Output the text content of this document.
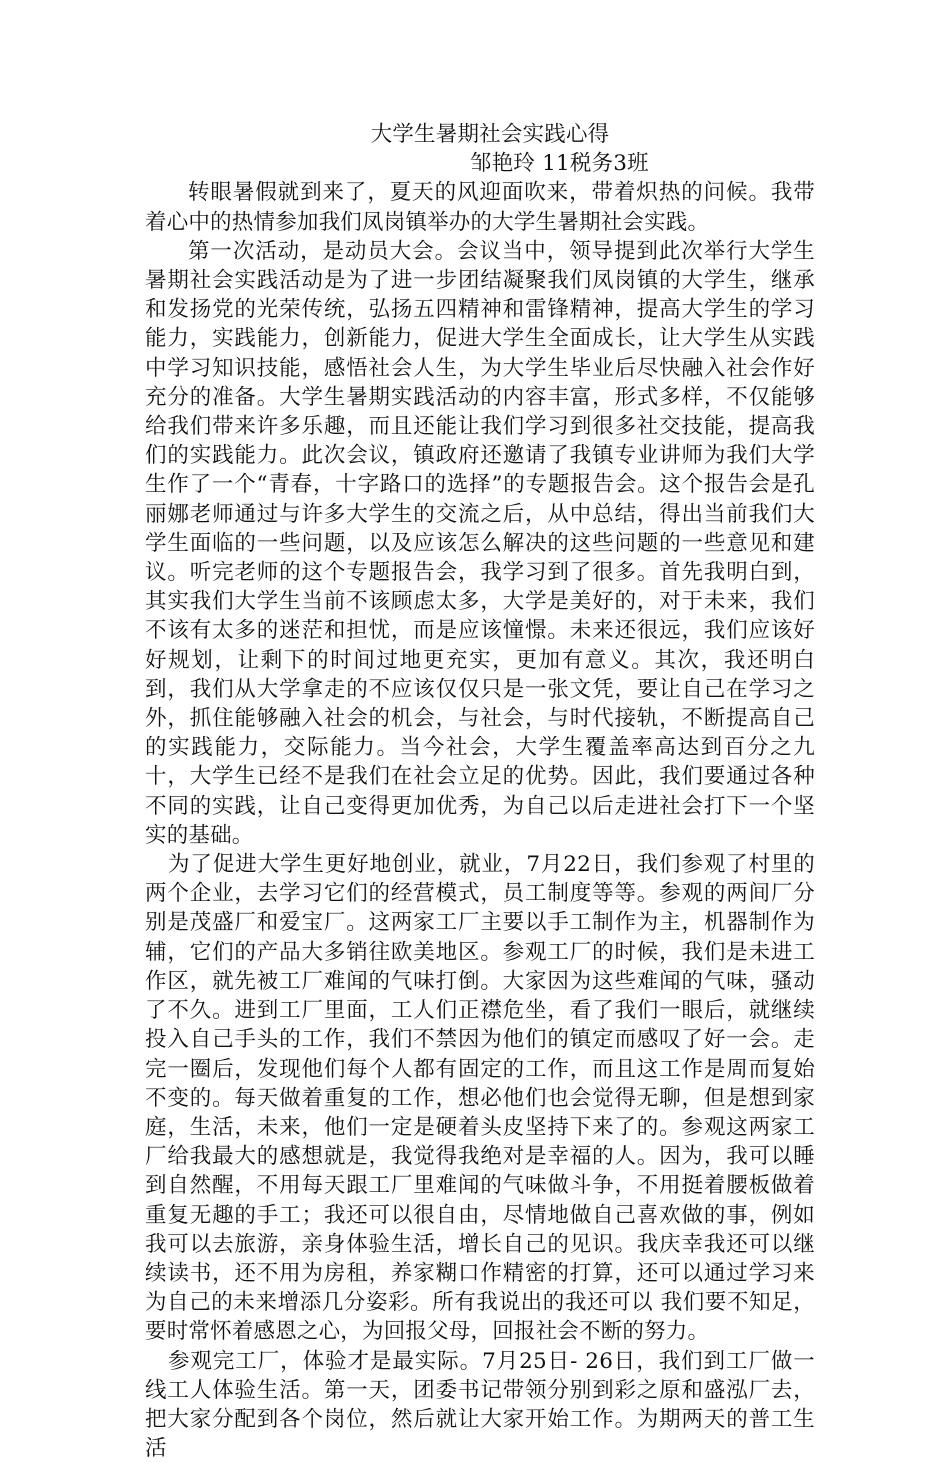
大学生暑期社会实践心得

邹艳玲 11税务3班

转眼暑假就到来了，夏天的风迎面吹来，带着炽热的问候。我带着心中的热情参加我们凤岗镇举办的大学生暑期社会实践。

第一次活动，是动员大会。会议当中，领导提到此次举行大学生暑期社会实践活动是为了进一步团结凝聚我们凤岗镇的大学生，继承和发扬党的光荣传统，弘扬五四精神和雷锋精神，提高大学生的学习能力，实践能力，创新能力，促进大学生全面成长，让大学生从实践中学习知识技能，感悟社会人生，为大学生毕业后尽快融入社会作好充分的准备。大学生暑期实践活动的内容丰富，形式多样，不仅能够给我们带来许多乐趣，而且还能让我们学习到很多社交技能，提高我们的实践能力。此次会议，镇政府还邀请了我镇专业讲师为我们大学生作了一个“青春，十字路口的选择”的专题报告会。这个报告会是孔丽娜老师通过与许多大学生的交流之后，从中总结，得出当前我们大学生面临的一些问题，以及应该怎么解决的这些问题的一些意见和建议。听完老师的这个专题报告会，我学习到了很多。首先我明白到，其实我们大学生当前不该顾虑太多，大学是美好的，对于未来，我们不该有太多的迷茫和担忧，而是应该憧憬。未来还很远，我们应该好好规划，让剩下的时间过地更充实，更加有意义。其次，我还明白到，我们从大学拿走的不应该仅仅只是一张文凭，要让自己在学习之外，抓住能够融入社会的机会，与社会，与时代接轨，不断提高自己的实践能力，交际能力。当今社会，大学生覆盖率高达到百分之九十，大学生已经不是我们在社会立足的优势。因此，我们要通过各种不同的实践，让自己变得更加优秀，为自己以后走进社会打下一个坚实的基础。

为了促进大学生更好地创业，就业，7月22日，我们参观了村里的两个企业，去学习它们的经营模式，员工制度等等。参观的两间厂分别是茂盛厂和爱宝厂。这两家工厂主要以手工制作为主，机器制作为辅，它们的产品大多销往欧美地区。参观工厂的时候，我们是未进工作区，就先被工厂难闻的气味打倒。大家因为这些难闻的气味，骚动了不久。进到工厂里面，工人们正襟危坐，看了我们一眼后，就继续投入自己手头的工作，我们不禁因为他们的镇定而感叹了好一会。走完一圈后，发现他们每个人都有固定的工作，而且这工作是周而复始不变的。每天做着重复的工作，想必他们也会觉得无聊，但是想到家庭，生活，未来，他们一定是硬着头皮坚持下来了的。参观这两家工厂给我最大的感想就是，我觉得我绝对是幸福的人。因为，我可以睡到自然醒，不用每天跟工厂里难闻的气味做斗争，不用挺着腰板做着重复无趣的手工；我还可以很自由，尽情地做自己喜欢做的事，例如我可以去旅游，亲身体验生活，增长自己的见识。我庆幸我还可以继续读书，还不用为房租，养家糊口作精密的打算，还可以通过学习来为自己的未来增添几分姿彩。所有我说出的我还可以 我们要不知足，要时常怀着感恩之心，为回报父母，回报社会不断的努力。

参观完工厂，体验才是最实际。7月25日- 26日，我们到工厂做一线工人体验生活。第一天，团委书记带领分别到彩之原和盛泓厂去，把大家分配到各个岗位，然后就让大家开始工作。为期两天的普工生活
